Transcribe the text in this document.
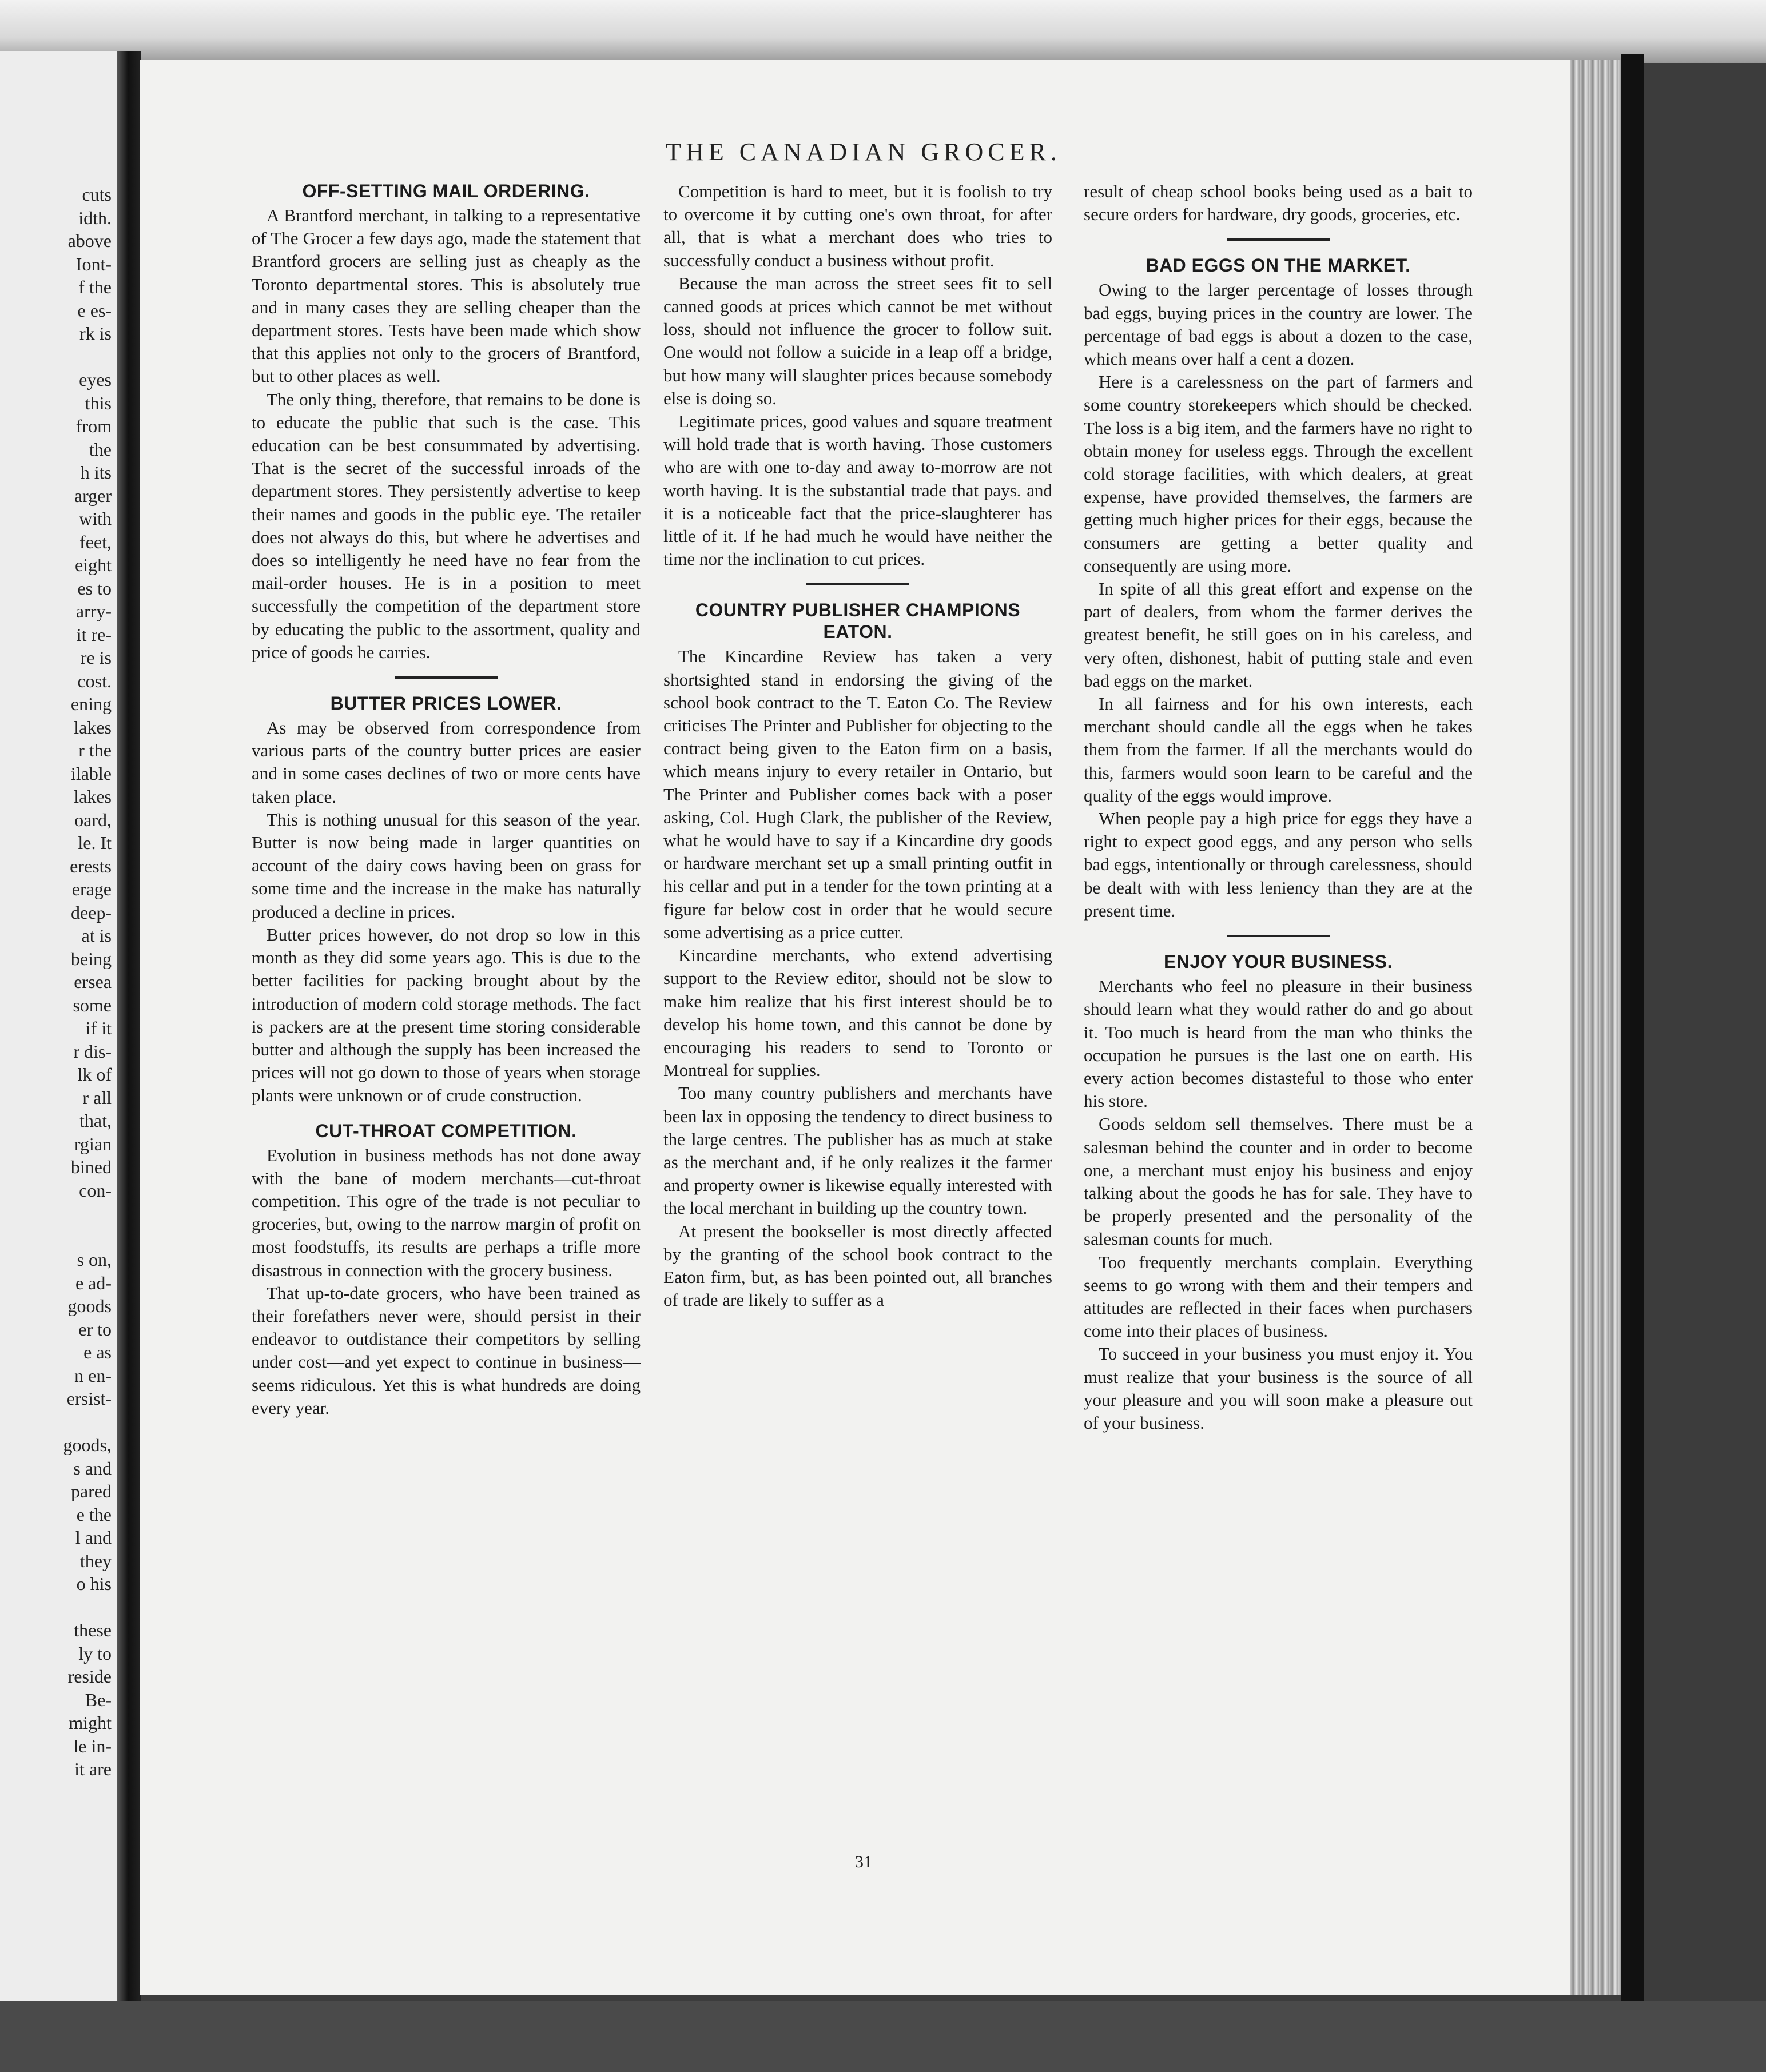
cuts
idth.
above
Iont-
f the
e es-
rk is

eyes
this
from
the
h its
arger
with
feet,
eight
es to
arry-
it re-
re is
cost.
ening
lakes
r the
ilable
lakes
oard,
le. It
erests
erage
deep-
at is
being
ersea
some
if it
r dis-
lk of
r all
that,
rgian
bined
con-

s on,
e ad-
goods
er to
e as
n en-
ersist-

goods,
s and
pared
e the
l and
they
o his

these
ly to
reside
Be-
might
le in-
it are
THE CANADIAN GROCER.
OFF-SETTING MAIL ORDERING.

A Brantford merchant, in talking to a representative of The Grocer a few days ago, made the statement that Brantford grocers are selling just as cheaply as the Toronto departmental stores. This is absolutely true and in many cases they are selling cheaper than the department stores. Tests have been made which show that this applies not only to the grocers of Brantford, but to other places as well.

The only thing, therefore, that remains to be done is to educate the public that such is the case. This education can be best consummated by advertising. That is the secret of the successful inroads of the department stores. They persistently advertise to keep their names and goods in the public eye. The retailer does not always do this, but where he advertises and does so intelligently he need have no fear from the mail-order houses. He is in a position to meet successfully the competition of the department store by educating the public to the assortment, quality and price of goods he carries.

BUTTER PRICES LOWER.

As may be observed from correspondence from various parts of the country butter prices are easier and in some cases declines of two or more cents have taken place.

This is nothing unusual for this season of the year. Butter is now being made in larger quantities on account of the dairy cows having been on grass for some time and the increase in the make has naturally produced a decline in prices.

Butter prices however, do not drop so low in this month as they did some years ago. This is due to the better facilities for packing brought about by the introduction of modern cold storage methods. The fact is packers are at the present time storing considerable butter and although the supply has been increased the prices will not go down to those of years when storage plants were unknown or of crude construction.

CUT-THROAT COMPETITION.

Evolution in business methods has not done away with the bane of modern merchants—cut-throat competition. This ogre of the trade is not peculiar to groceries, but, owing to the narrow margin of profit on most foodstuffs, its results are perhaps a trifle more disastrous in connection with the grocery business.

That up-to-date grocers, who have been trained as their forefathers never were, should persist in their endeavor to outdistance their competitors by selling under cost—and yet expect to continue in business—seems ridiculous. Yet this is what hundreds are doing every year.

Competition is hard to meet, but it is foolish to try to overcome it by cutting one's own throat, for after all, that is what a merchant does who tries to successfully conduct a business without profit.

Because the man across the street sees fit to sell canned goods at prices which cannot be met without loss, should not influence the grocer to follow suit. One would not follow a suicide in a leap off a bridge, but how many will slaughter prices because somebody else is doing so.

Legitimate prices, good values and square treatment will hold trade that is worth having. Those customers who are with one to-day and away to-morrow are not worth having. It is the substantial trade that pays. and it is a noticeable fact that the price-slaughterer has little of it. If he had much he would have neither the time nor the inclination to cut prices.

COUNTRY PUBLISHER CHAMPIONS EATON.

The Kincardine Review has taken a very shortsighted stand in endorsing the giving of the school book contract to the T. Eaton Co. The Review criticises The Printer and Publisher for objecting to the contract being given to the Eaton firm on a basis, which means injury to every retailer in Ontario, but The Printer and Publisher comes back with a poser asking, Col. Hugh Clark, the publisher of the Review, what he would have to say if a Kincardine dry goods or hardware merchant set up a small printing outfit in his cellar and put in a tender for the town printing at a figure far below cost in order that he would secure some advertising as a price cutter.

Kincardine merchants, who extend advertising support to the Review editor, should not be slow to make him realize that his first interest should be to develop his home town, and this cannot be done by encouraging his readers to send to Toronto or Montreal for supplies.

Too many country publishers and merchants have been lax in opposing the tendency to direct business to the large centres. The publisher has as much at stake as the merchant and, if he only realizes it the farmer and property owner is likewise equally interested with the local merchant in building up the country town.

At present the bookseller is most directly affected by the granting of the school book contract to the Eaton firm, but, as has been pointed out, all branches of trade are likely to suffer as a

result of cheap school books being used as a bait to secure orders for hardware, dry goods, groceries, etc.

BAD EGGS ON THE MARKET.

Owing to the larger percentage of losses through bad eggs, buying prices in the country are lower. The percentage of bad eggs is about a dozen to the case, which means over half a cent a dozen.

Here is a carelessness on the part of farmers and some country storekeepers which should be checked. The loss is a big item, and the farmers have no right to obtain money for useless eggs. Through the excellent cold storage facilities, with which dealers, at great expense, have provided themselves, the farmers are getting much higher prices for their eggs, because the consumers are getting a better quality and consequently are using more.

In spite of all this great effort and expense on the part of dealers, from whom the farmer derives the greatest benefit, he still goes on in his careless, and very often, dishonest, habit of putting stale and even bad eggs on the market.

In all fairness and for his own interests, each merchant should candle all the eggs when he takes them from the farmer. If all the merchants would do this, farmers would soon learn to be careful and the quality of the eggs would improve.

When people pay a high price for eggs they have a right to expect good eggs, and any person who sells bad eggs, intentionally or through carelessness, should be dealt with with less leniency than they are at the present time.

ENJOY YOUR BUSINESS.

Merchants who feel no pleasure in their business should learn what they would rather do and go about it. Too much is heard from the man who thinks the occupation he pursues is the last one on earth. His every action becomes distasteful to those who enter his store.

Goods seldom sell themselves. There must be a salesman behind the counter and in order to become one, a merchant must enjoy his business and enjoy talking about the goods he has for sale. They have to be properly presented and the personality of the salesman counts for much.

Too frequently merchants complain. Everything seems to go wrong with them and their tempers and attitudes are reflected in their faces when purchasers come into their places of business.

To succeed in your business you must enjoy it. You must realize that your business is the source of all your pleasure and you will soon make a pleasure out of your business.

31
